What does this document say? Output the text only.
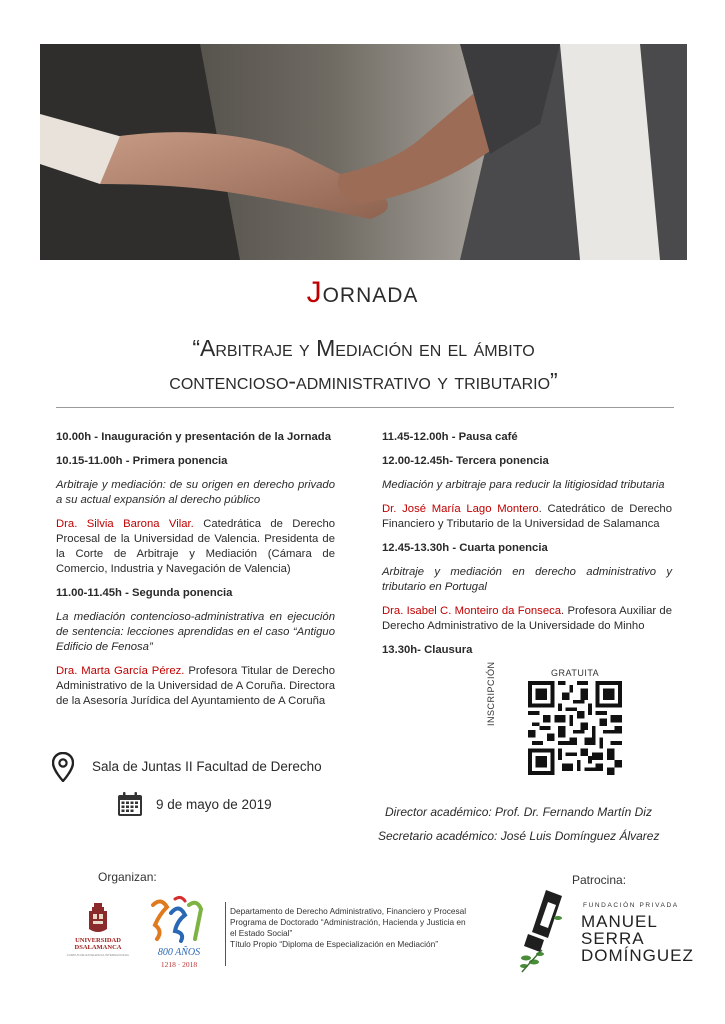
Jornada
“Arbitraje y Mediación en el ámbito
contencioso-administrativo y tributario”
10.00h - Inauguración y presentación de la Jornada
10.15-11.00h - Primera ponencia
Arbitraje y mediación: de su origen en derecho privado a su actual expansión al derecho público
Dra. Silvia Barona Vilar. Catedrática de Derecho Procesal de la Universidad de Valencia. Presidenta de la Corte de Arbitraje y Mediación (Cámara de Comercio, Industria y Navegación de Valencia)
11.00-11.45h - Segunda ponencia
La mediación contencioso-administrativa en ejecución de sentencia: lecciones aprendidas en el caso “Antiguo Edificio de Fenosa”
Dra. Marta García Pérez. Profesora Titular de Derecho Administrativo de la Universidad de A Coruña. Directora de la Asesoría Jurídica del Ayuntamiento de A Coruña
11.45-12.00h - Pausa café
12.00-12.45h- Tercera ponencia
Mediación y arbitraje para reducir la litigiosidad tributaria
Dr. José María Lago Montero. Catedrático de Derecho Financiero y Tributario de la Universidad de Salamanca
12.45-13.30h - Cuarta ponencia
Arbitraje y mediación en derecho administrativo y tributario en Portugal
Dra. Isabel C. Monteiro da Fonseca. Profesora Auxiliar de Derecho Administrativo de la Universidade do Minho
13.30h- Clausura
GRATUITA
INSCRIPCIÓN
Sala de Juntas II Facultad de Derecho
9 de mayo de 2019	Director académico: Prof. Dr. Fernando Martín Diz
Secretario académico: José Luis Domínguez Álvarez
Organizan:	Patrocina:
UNIVERSIDAD
DSALAMANCA
CAMPUS DE EXCELENCIA INTERNACIONAL	800 AÑOS
1218 · 2018
Departamento de Derecho Administrativo, Financiero y Procesal
Programa de Doctorado “Administración, Hacienda y Justicia en el Estado Social”
Título Propio “Diploma de Especialización en Mediación”
FUNDACIÓN PRIVADA
MANUEL
SERRA
DOMÍNGUEZ
